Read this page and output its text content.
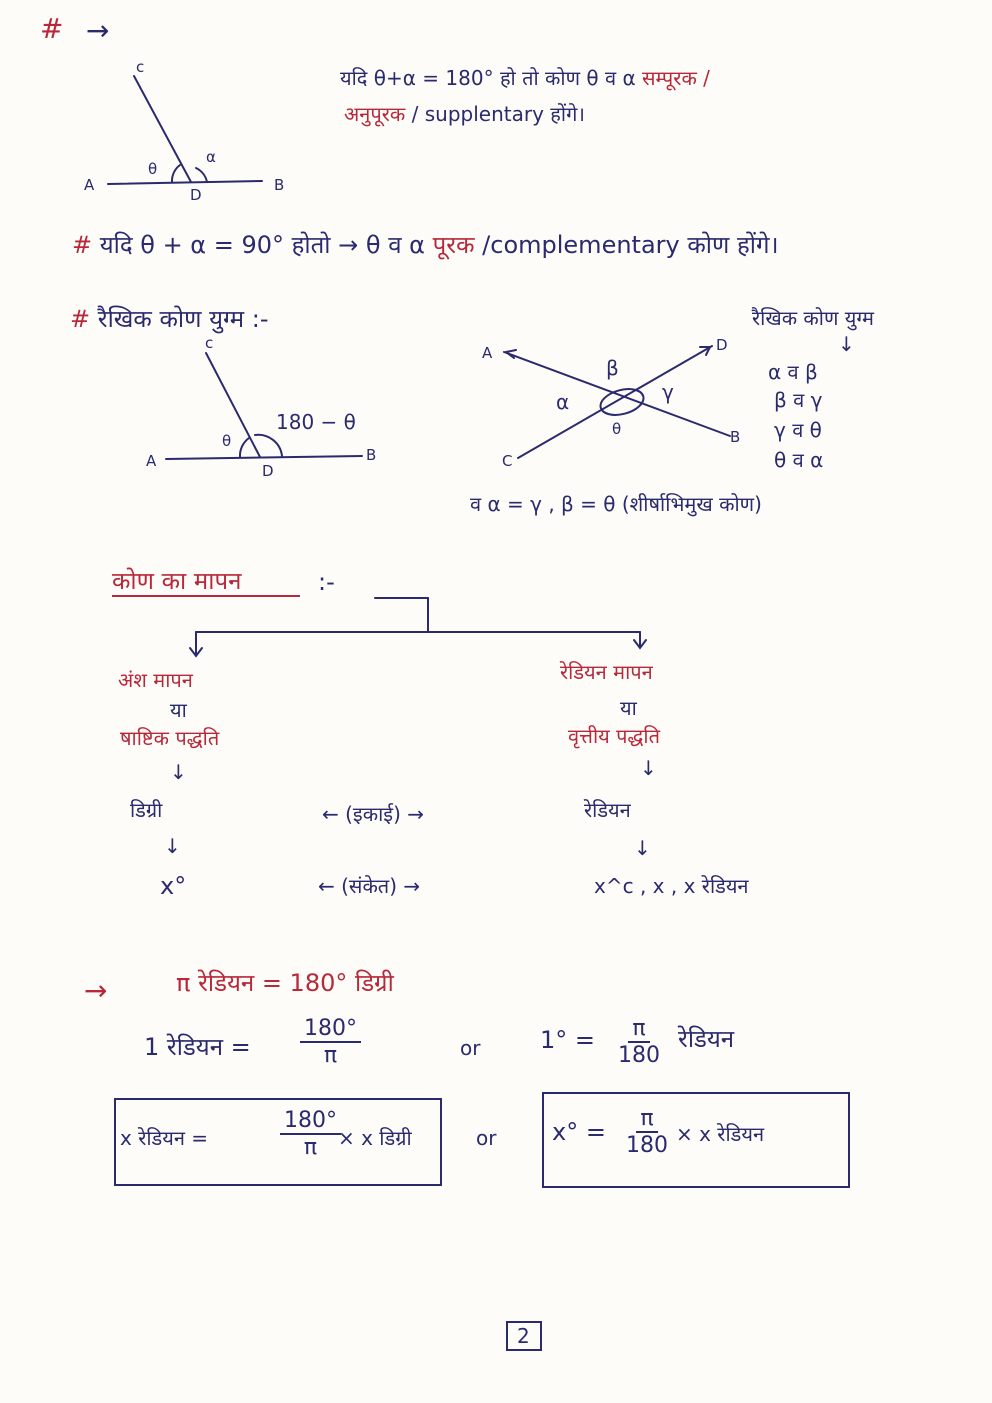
# →
c
A	B
D
θ
α
यदि θ+α = 180° हो तो कोण θ व α सम्पूरक /
अनुपूरक / supplentary होंगे।
# यदि θ + α = 90° होतो → θ व α पूरक /complementary कोण होंगे।
# रैखिक कोण युग्म :-
c
A	B
D
θ
180 − θ
A	D
C
B
β
α	γ
θ
रैखिक कोण युग्म
↓
α व β
β व γ
γ व θ
θ व α
व α = γ , β = θ (शीर्षाभिमुख कोण)
कोण का मापन	:-
अंश मापन
या
षाष्टिक पद्धति
↓
डिग्री
↓
x°
← (इकाई) →
← (संकेत) →
रेडियन मापन
या
वृत्तीय पद्धति
↓
रेडियन
↓
x^c , x , x रेडियन
→	π रेडियन = 180° डिग्री
1 रेडियन = $\frac{180^\circ}{\pi}$	or $1^\circ = \frac{\pi}{180}$ रेडियन
x रेडियन =	$\frac{180^\circ}{\pi}$
× x डिग्री	or $x^\circ = \frac{\pi}{180} \times x$ रेडियन
2
